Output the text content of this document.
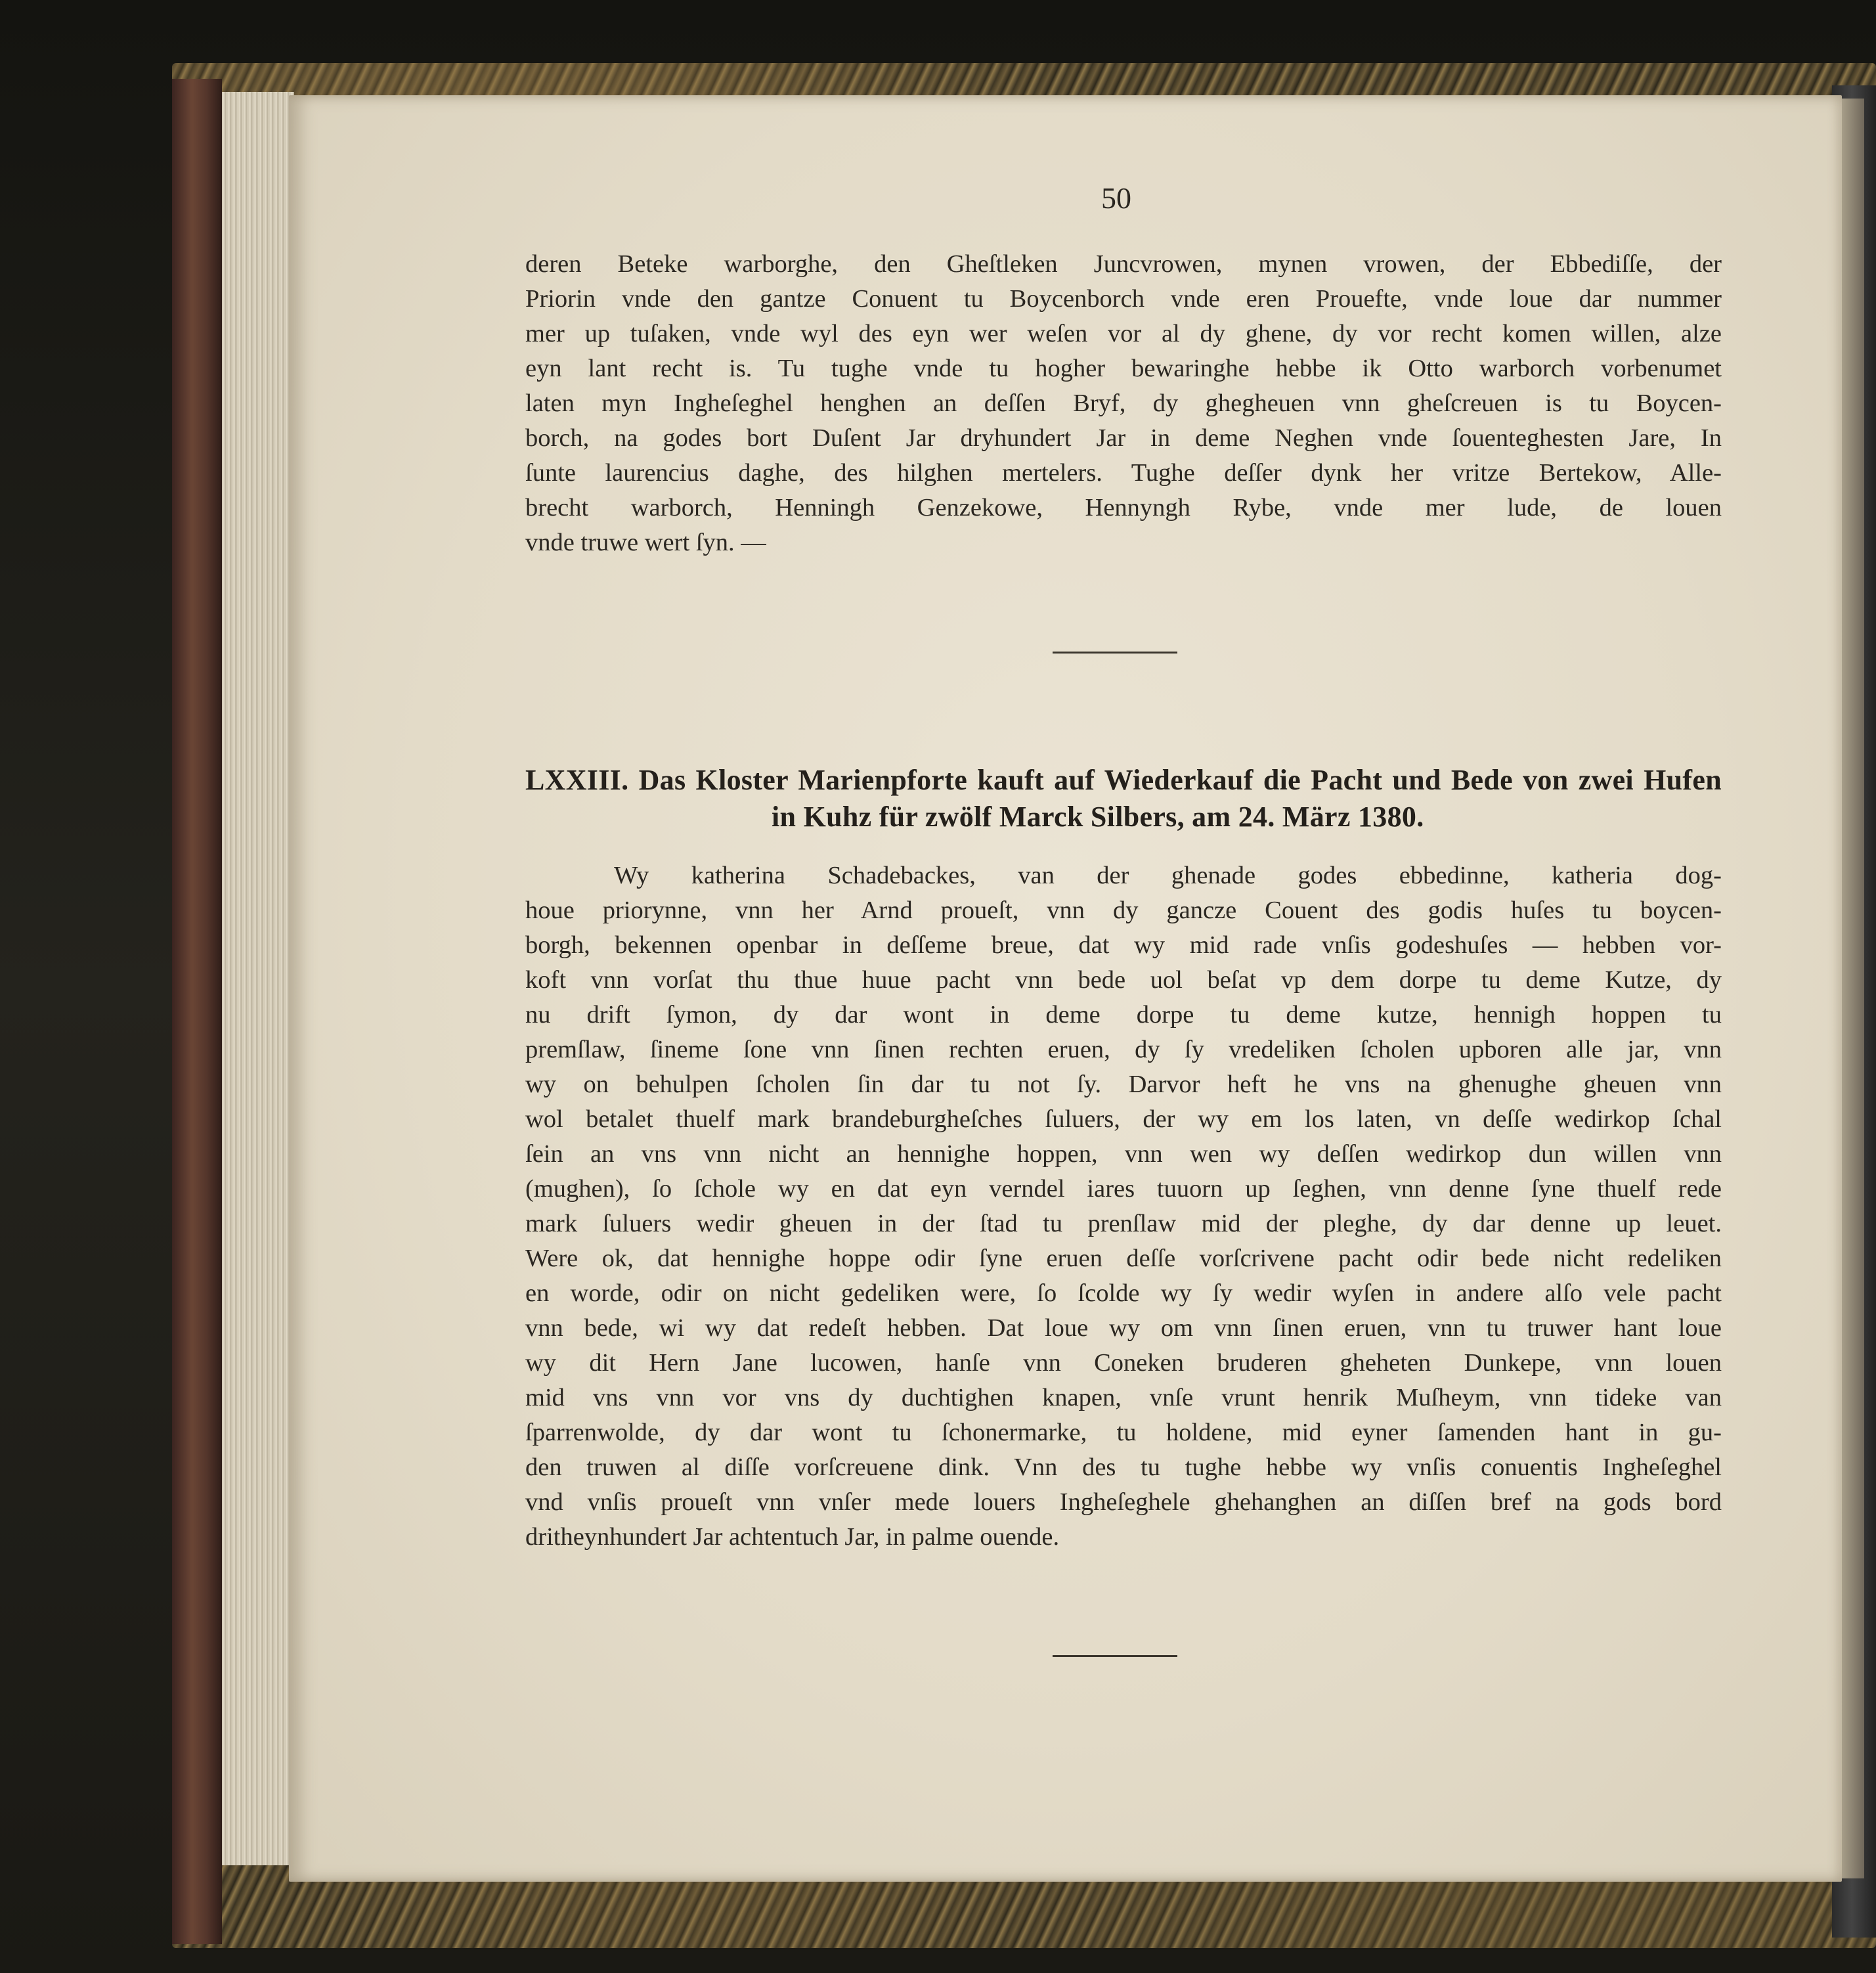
50
deren Beteke warborghe, den Gheſtleken Juncvrowen, mynen vrowen, der Ebbediſſe, der
Priorin vnde den gantze Conuent tu Boycenborch vnde eren Prouefte, vnde loue dar nummer
mer up tuſaken, vnde wyl des eyn wer weſen vor al dy ghene, dy vor recht komen willen, alze
eyn lant recht is. Tu tughe vnde tu hogher bewaringhe hebbe ik Otto warborch vorbenumet
laten myn Ingheſeghel henghen an deſſen Bryf, dy ghegheuen vnn gheſcreuen is tu Boycen-
borch, na godes bort Duſent Jar dryhundert Jar in deme Neghen vnde ſouenteghesten Jare, In
ſunte laurencius daghe, des hilghen mertelers. Tughe deſſer dynk her vritze Bertekow, Alle-
brecht warborch, Henningh Genzekowe, Hennyngh Rybe, vnde mer lude, de louen
vnde truwe wert ſyn. —
LXXIII. Das Kloster Marienpforte kauft auf Wiederkauf die Pacht und Bede von zwei Hufen
in Kuhz für zwölf Marck Silbers, am 24. März 1380.
Wy katherina Schadebackes, van der ghenade godes ebbedinne, katheria dog-
houe priorynne, vnn her Arnd proueſt, vnn dy gancze Couent des godis huſes tu boycen-
borgh, bekennen openbar in deſſeme breue, dat wy mid rade vnſis godeshuſes — hebben vor-
koft vnn vorſat thu thue huue pacht vnn bede uol beſat vp dem dorpe tu deme Kutze, dy
nu drift ſymon, dy dar wont in deme dorpe tu deme kutze, hennigh hoppen tu
premſlaw, ſineme ſone vnn ſinen rechten eruen, dy ſy vredeliken ſcholen upboren alle jar, vnn
wy on behulpen ſcholen ſin dar tu not ſy. Darvor heft he vns na ghenughe gheuen vnn
wol betalet thuelf mark brandeburgheſches ſuluers, der wy em los laten, vn deſſe wedirkop ſchal
ſein an vns vnn nicht an hennighe hoppen, vnn wen wy deſſen wedirkop dun willen vnn
(mughen), ſo ſchole wy en dat eyn verndel iares tuuorn up ſeghen, vnn denne ſyne thuelf rede
mark ſuluers wedir gheuen in der ſtad tu prenſlaw mid der pleghe, dy dar denne up leuet.
Were ok, dat hennighe hoppe odir ſyne eruen deſſe vorſcrivene pacht odir bede nicht redeliken
en worde, odir on nicht gedeliken were, ſo ſcolde wy ſy wedir wyſen in andere alſo vele pacht
vnn bede, wi wy dat redeſt hebben. Dat loue wy om vnn ſinen eruen, vnn tu truwer hant loue
wy dit Hern Jane lucowen, hanſe vnn Coneken bruderen gheheten Dunkepe, vnn louen
mid vns vnn vor vns dy duchtighen knapen, vnſe vrunt henrik Muſheym, vnn tideke van
ſparrenwolde, dy dar wont tu ſchonermarke, tu holdene, mid eyner ſamenden hant in gu-
den truwen al diſſe vorſcreuene dink. Vnn des tu tughe hebbe wy vnſis conuentis Ingheſeghel
vnd vnſis proueſt vnn vnſer mede louers Ingheſeghele ghehanghen an diſſen bref na gods bord
dritheynhundert Jar achtentuch Jar, in palme ouende.
